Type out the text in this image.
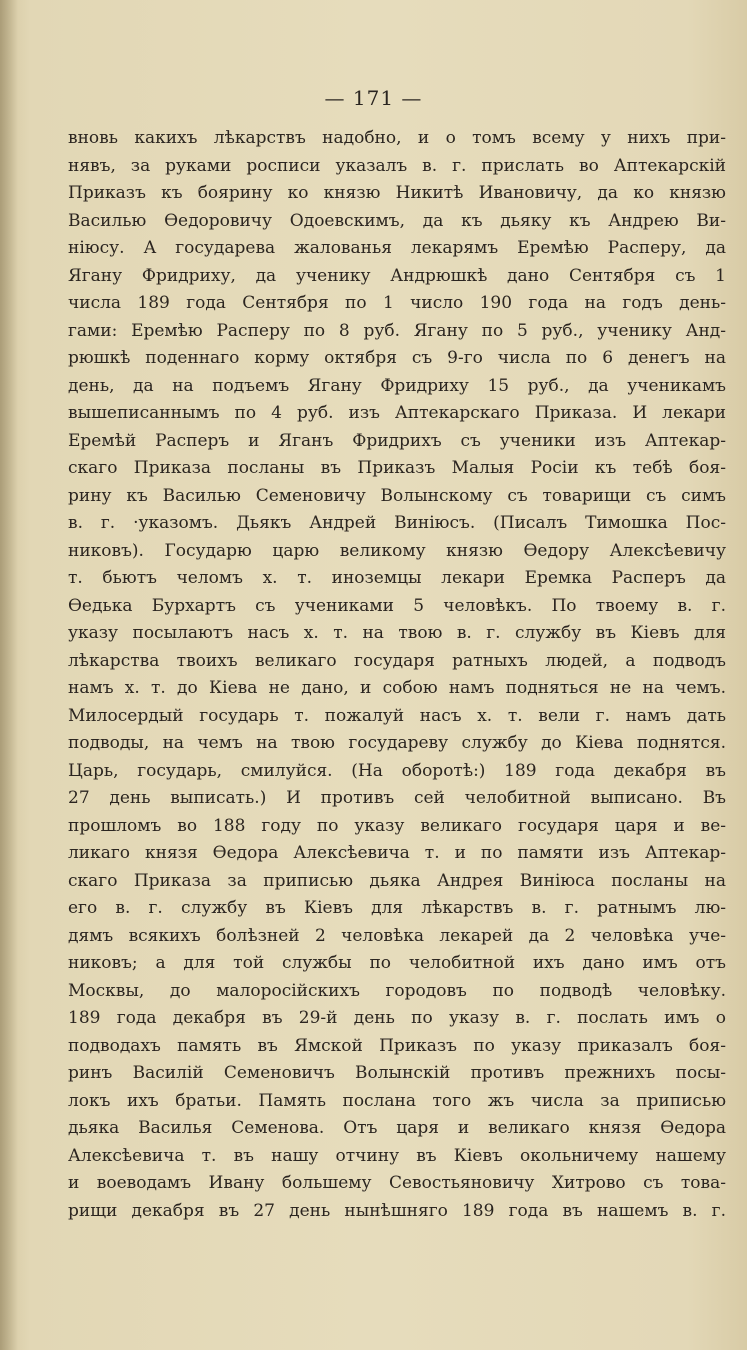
— 171 —

вновь какихъ лѣкарствъ надобно, и о томъ всему у нихъ при-
нявъ, за руками росписи указалъ в. г. прислать во Аптекарскій
Приказъ къ боярину ко князю Никитѣ Ивановичу, да ко князю
Василью Ѳедоровичу Одоевскимъ, да къ дьяку къ Андрею Ви-
ніюсу. А государева жалованья лекарямъ Еремѣю Расперу, да
Ягану Фридриху, да ученику Андрюшкѣ дано Сентября съ 1
числа 189 года Сентября по 1 число 190 года на годъ день-
гами: Еремѣю Расперу по 8 руб. Ягану по 5 руб., ученику Анд-
рюшкѣ поденнаго корму октября съ 9-го числа по 6 денегъ на
день, да на подъемъ Ягану Фридриху 15 руб., да ученикамъ
вышеписаннымъ по 4 руб. изъ Аптекарскаго Приказа. И лекари
Еремѣй Расперъ и Яганъ Фридрихъ съ ученики изъ Аптекар-
скаго Приказа посланы въ Приказъ Малыя Росіи къ тебѣ боя-
рину къ Василью Семеновичу Волынскому съ товарищи съ симъ
в. г. ·указомъ. Дьякъ Андрей Виніюсъ. (Писалъ Тимошка Пос-
никовъ). Государю царю великому князю Ѳедору Алексѣевичу
т. бьютъ челомъ х. т. иноземцы лекари Еремка Расперъ да
Ѳедька Бурхартъ съ учениками 5 человѣкъ. По твоему в. г.
указу посылаютъ насъ х. т. на твою в. г. службу въ Кіевъ для
лѣкарства твоихъ великаго государя ратныхъ людей, а подводъ
намъ х. т. до Кіева не дано, и собою намъ подняться не на чемъ.
Милосердый государь т. пожалуй насъ х. т. вели г. намъ дать
подводы, на чемъ на твою государеву службу до Кіева поднятся.
Царь, государь, смилуйся. (На оборотѣ:) 189 года декабря въ
27 день выписать.) И противъ сей челобитной выписано. Въ
прошломъ во 188 году по указу великаго государя царя и ве-
ликаго князя Ѳедора Алексѣевича т. и по памяти изъ Аптекар-
скаго Приказа за приписью дьяка Андрея Виніюса посланы на
его в. г. службу въ Кіевъ для лѣкарствъ в. г. ратнымъ лю-
дямъ всякихъ болѣзней 2 человѣка лекарей да 2 человѣка уче-
никовъ; а для той службы по челобитной ихъ дано имъ отъ
Москвы, до малоросійскихъ городовъ по подводѣ человѣку.
189 года декабря въ 29-й день по указу в. г. послать имъ о
подводахъ память въ Ямской Приказъ по указу приказалъ боя-
ринъ Василій Семеновичъ Волынскій противъ прежнихъ посы-
локъ ихъ братьи. Память послана того жъ числа за приписью
дьяка Василья Семенова. Отъ царя и великаго князя Ѳедора
Алексѣевича т. въ нашу отчину въ Кіевъ окольничему нашему
и воеводамъ Ивану большему Севостьяновичу Хитрово съ това-
рищи декабря въ 27 день нынѣшняго 189 года въ нашемъ в. г.
